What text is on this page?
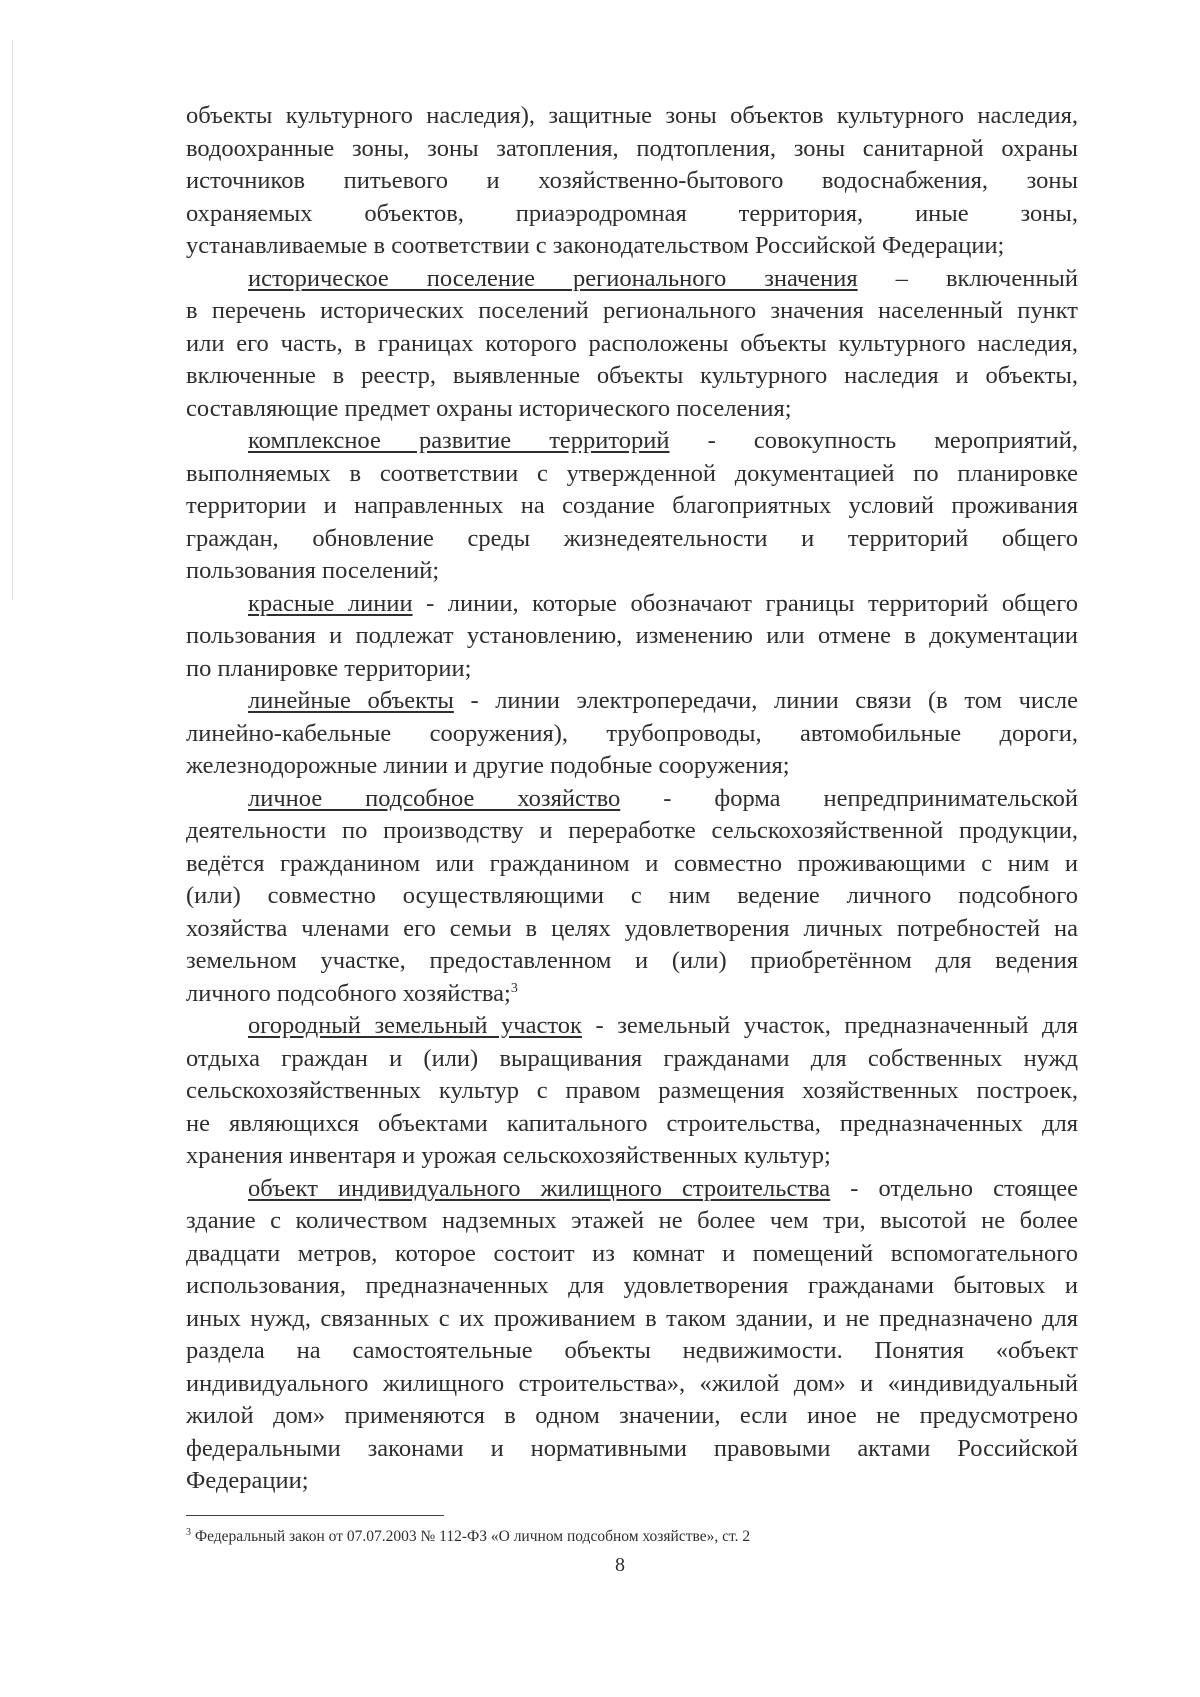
объекты культурного наследия), защитные зоны объектов культурного наследия,
водоохранные зоны, зоны затопления, подтопления, зоны санитарной охраны
источников питьевого и хозяйственно-бытового водоснабжения, зоны
охраняемых объектов, приаэродромная территория, иные зоны,
устанавливаемые в соответствии с законодательством Российской Федерации;
историческое поселение регионального значения – включенный
в перечень исторических поселений регионального значения населенный пункт
или его часть, в границах которого расположены объекты культурного наследия,
включенные в реестр, выявленные объекты культурного наследия и объекты,
составляющие предмет охраны исторического поселения;
комплексное развитие территорий - совокупность мероприятий,
выполняемых в соответствии с утвержденной документацией по планировке
территории и направленных на создание благоприятных условий проживания
граждан, обновление среды жизнедеятельности и территорий общего
пользования поселений;
красные линии - линии, которые обозначают границы территорий общего
пользования и подлежат установлению, изменению или отмене в документации
по планировке территории;
линейные объекты - линии электропередачи, линии связи (в том числе
линейно-кабельные сооружения), трубопроводы, автомобильные дороги,
железнодорожные линии и другие подобные сооружения;
личное подсобное хозяйство - форма непредпринимательской
деятельности по производству и переработке сельскохозяйственной продукции,
ведётся гражданином или гражданином и совместно проживающими с ним и
(или) совместно осуществляющими с ним ведение личного подсобного
хозяйства членами его семьи в целях удовлетворения личных потребностей на
земельном участке, предоставленном и (или) приобретённом для ведения
личного подсобного хозяйства;$^3$
огородный земельный участок - земельный участок, предназначенный для
отдыха граждан и (или) выращивания гражданами для собственных нужд
сельскохозяйственных культур с правом размещения хозяйственных построек,
не являющихся объектами капитального строительства, предназначенных для
хранения инвентаря и урожая сельскохозяйственных культур;
объект индивидуального жилищного строительства - отдельно стоящее
здание с количеством надземных этажей не более чем три, высотой не более
двадцати метров, которое состоит из комнат и помещений вспомогательного
использования, предназначенных для удовлетворения гражданами бытовых и
иных нужд, связанных с их проживанием в таком здании, и не предназначено для
раздела на самостоятельные объекты недвижимости. Понятия «объект
индивидуального жилищного строительства», «жилой дом» и «индивидуальный
жилой дом» применяются в одном значении, если иное не предусмотрено
федеральными законами и нормативными правовыми актами Российской
Федерации;
$^3$ Федеральный закон от 07.07.2003 № 112-ФЗ «О личном подсобном хозяйстве», ст. 2
8
